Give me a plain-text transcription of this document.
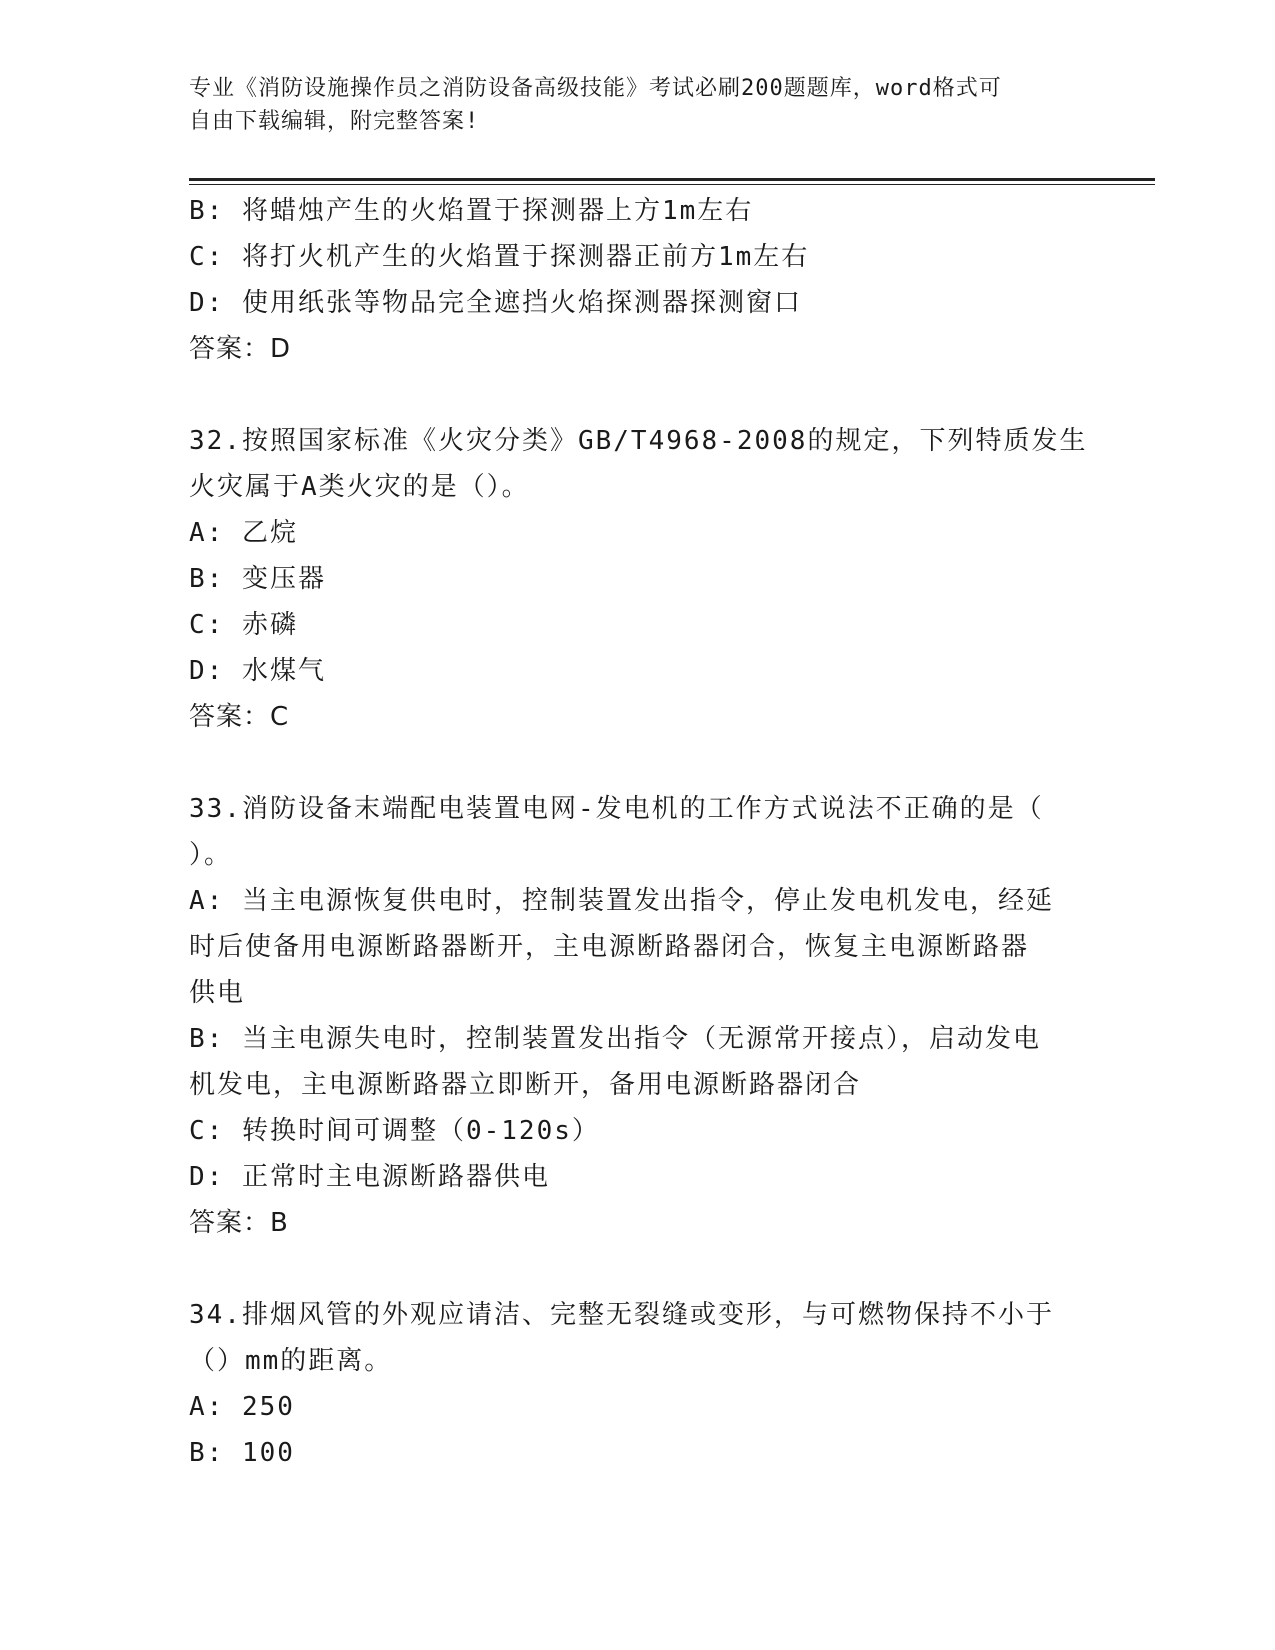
专业《消防设施操作员之消防设备高级技能》考试必刷200题题库，word格式可
自由下载编辑，附完整答案!
B: 将蜡烛产生的火焰置于探测器上方1m左右
C: 将打火机产生的火焰置于探测器正前方1m左右
D: 使用纸张等物品完全遮挡火焰探测器探测窗口
答案：D
32.按照国家标准《火灾分类》GB/T4968-2008的规定，下列特质发生
火灾属于A类火灾的是（）。
A: 乙烷
B: 变压器
C: 赤磷
D: 水煤气
答案：C
33.消防设备末端配电装置电网-发电机的工作方式说法不正确的是（
）。
A: 当主电源恢复供电时，控制装置发出指令，停止发电机发电，经延
时后使备用电源断路器断开，主电源断路器闭合，恢复主电源断路器
供电
B: 当主电源失电时，控制装置发出指令（无源常开接点），启动发电
机发电，主电源断路器立即断开，备用电源断路器闭合
C: 转换时间可调整（0-120s）
D: 正常时主电源断路器供电
答案：B
34.排烟风管的外观应请洁、完整无裂缝或变形，与可燃物保持不小于
（）mm的距离。
A: 250
B: 100
